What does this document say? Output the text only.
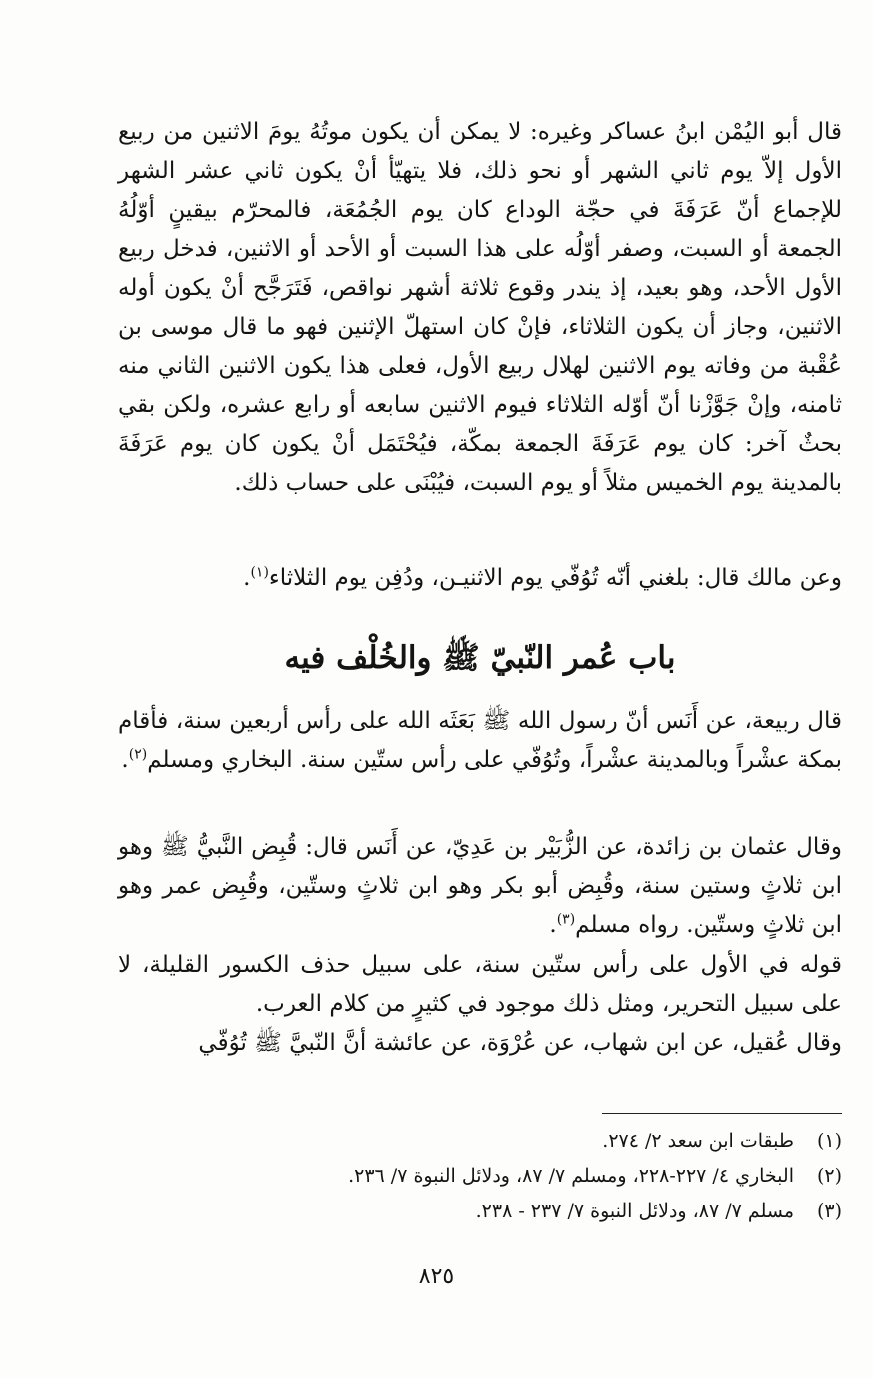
قال أبو اليُمْن ابنُ عساكر وغيره: لا يمكن أن يكون موتُهُ يومَ الاثنين من ربيع الأول إلاّ يوم ثاني الشهر أو نحو ذلك، فلا يتهيّأ أنْ يكون ثاني عشر الشهر للإجماع أنّ عَرَفَةَ في حجّة الوداع كان يوم الجُمُعَة، فالمحرّم بيقينٍ أوّلُهُ الجمعة أو السبت، وصفر أوّلُه على هذا السبت أو الأحد أو الاثنين، فدخل ربيع الأول الأحد، وهو بعيد، إذ يندر وقوع ثلاثة أشهر نواقص، فَتَرَجَّح أنْ يكون أوله الاثنين، وجاز أن يكون الثلاثاء، فإنْ كان استهلّ الإثنين فهو ما قال موسى بن عُقْبة من وفاته يوم الاثنين لهلال ربيع الأول، فعلى هذا يكون الاثنين الثاني منه ثامنه، وإنْ جَوَّزْنا أنّ أوّله الثلاثاء فيوم الاثنين سابعه أو رابع عشره، ولكن بقي بحثٌ آخر: كان يوم عَرَفَةَ الجمعة بمكّة، فيُحْتَمَل أنْ يكون كان يوم عَرَفَةَ بالمدينة يوم الخميس مثلاً أو يوم السبت، فيُبْنَى على حساب ذلك.

وعن مالك قال: بلغني أنّه تُوُفّي يوم الاثنيـن، ودُفِن يوم الثلاثاء$^{(١)}$.

باب عُمر النّبيّ ﷺ والخُلْف فيه

قال ربيعة، عن أَنَس أنّ رسول الله ﷺ بَعَثَه الله على رأس أربعين سنة، فأقام بمكة عشْراً وبالمدينة عشْراً، وتُوُفّي على رأس ستّين سنة. البخاري ومسلم$^{(٢)}$.

وقال عثمان بن زائدة، عن الزُّبَيْر بن عَدِيّ، عن أَنَس قال: قُبِض النَّبيُّ ﷺ وهو ابن ثلاثٍ وستين سنة، وقُبِض أبو بكر وهو ابن ثلاثٍ وستّين، وقُبِض عمر وهو ابن ثلاثٍ وستّين. رواه مسلم$^{(٣)}$.

قوله في الأول على رأس ستّين سنة، على سبيل حذف الكسور القليلة، لا على سبيل التحرير، ومثل ذلك موجود في كثيرٍ من كلام العرب.

وقال عُقيل، عن ابن شهاب، عن عُرْوَة، عن عائشة أنَّ النّبيَّ ﷺ تُوُفّي

(١)
طبقات ابن سعد ٢/ ٢٧٤.
(٢)
البخاري ٤/ ٢٢٧-٢٢٨، ومسلم ٧/ ٨٧، ودلائل النبوة ٧/ ٢٣٦.
(٣)
مسلم ٧/ ٨٧، ودلائل النبوة ٧/ ٢٣٧ - ٢٣٨.
٨٢٥
